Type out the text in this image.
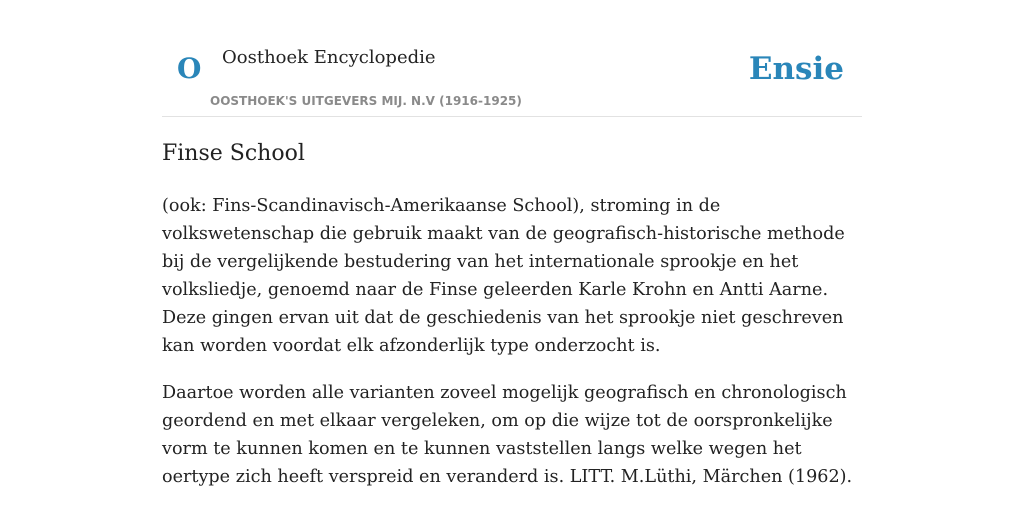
O Oosthoek Encyclopedie
OOSTHOEK'S UITGEVERS MIJ. N.V (1916-1925)
Ensie
Finse School

(ook: Fins-Scandinavisch-Amerikaanse School), stroming in de volkswetenschap die gebruik maakt van de geografisch-historische methode bij de vergelijkende bestudering van het internationale sprookje en het volksliedje, genoemd naar de Finse geleerden Karle Krohn en Antti Aarne. Deze gingen ervan uit dat de geschiedenis van het sprookje niet geschreven kan worden voordat elk afzonderlijk type onderzocht is.

Daartoe worden alle varianten zoveel mogelijk geografisch en chronologisch geordend en met elkaar vergeleken, om op die wijze tot de oorspronkelijke vorm te kunnen komen en te kunnen vaststellen langs welke wegen het oertype zich heeft verspreid en veranderd is. LITT. M.Lüthi, Märchen (1962).
